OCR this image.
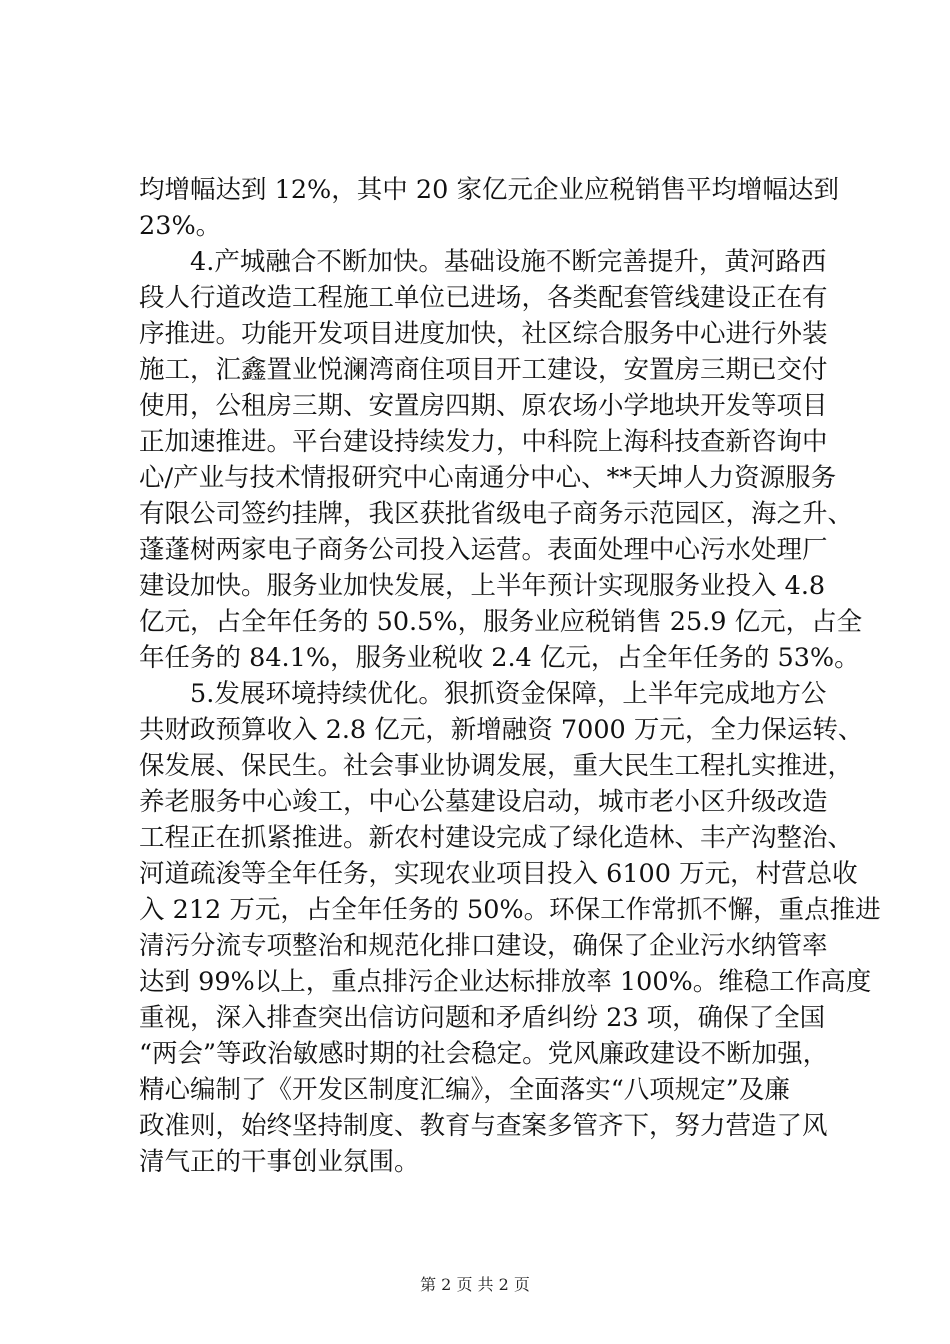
均增幅达到 12%，其中 20 家亿元企业应税销售平均增幅达到
23%。
4.产城融合不断加快。基础设施不断完善提升，黄河路西
段人行道改造工程施工单位已进场，各类配套管线建设正在有
序推进。功能开发项目进度加快，社区综合服务中心进行外装
施工，汇鑫置业悦澜湾商住项目开工建设，安置房三期已交付
使用，公租房三期、安置房四期、原农场小学地块开发等项目
正加速推进。平台建设持续发力，中科院上海科技查新咨询中
心/产业与技术情报研究中心南通分中心、**天坤人力资源服务
有限公司签约挂牌，我区获批省级电子商务示范园区，海之升、
蓬蓬树两家电子商务公司投入运营。表面处理中心污水处理厂
建设加快。服务业加快发展，上半年预计实现服务业投入 4.8
亿元，占全年任务的 50.5%，服务业应税销售 25.9 亿元，占全
年任务的 84.1%，服务业税收 2.4 亿元，占全年任务的 53%。
5.发展环境持续优化。狠抓资金保障，上半年完成地方公
共财政预算收入 2.8 亿元，新增融资 7000 万元，全力保运转、
保发展、保民生。社会事业协调发展，重大民生工程扎实推进，
养老服务中心竣工，中心公墓建设启动，城市老小区升级改造
工程正在抓紧推进。新农村建设完成了绿化造林、丰产沟整治、
河道疏浚等全年任务，实现农业项目投入 6100 万元，村营总收
入 212 万元，占全年任务的 50%。环保工作常抓不懈，重点推进
清污分流专项整治和规范化排口建设，确保了企业污水纳管率
达到 99%以上，重点排污企业达标排放率 100%。维稳工作高度
重视，深入排查突出信访问题和矛盾纠纷 23 项，确保了全国
“两会”等政治敏感时期的社会稳定。党风廉政建设不断加强，
精心编制了《开发区制度汇编》，全面落实“八项规定”及廉
政准则，始终坚持制度、教育与查案多管齐下，努力营造了风
清气正的干事创业氛围。
第 2 页 共 2 页
